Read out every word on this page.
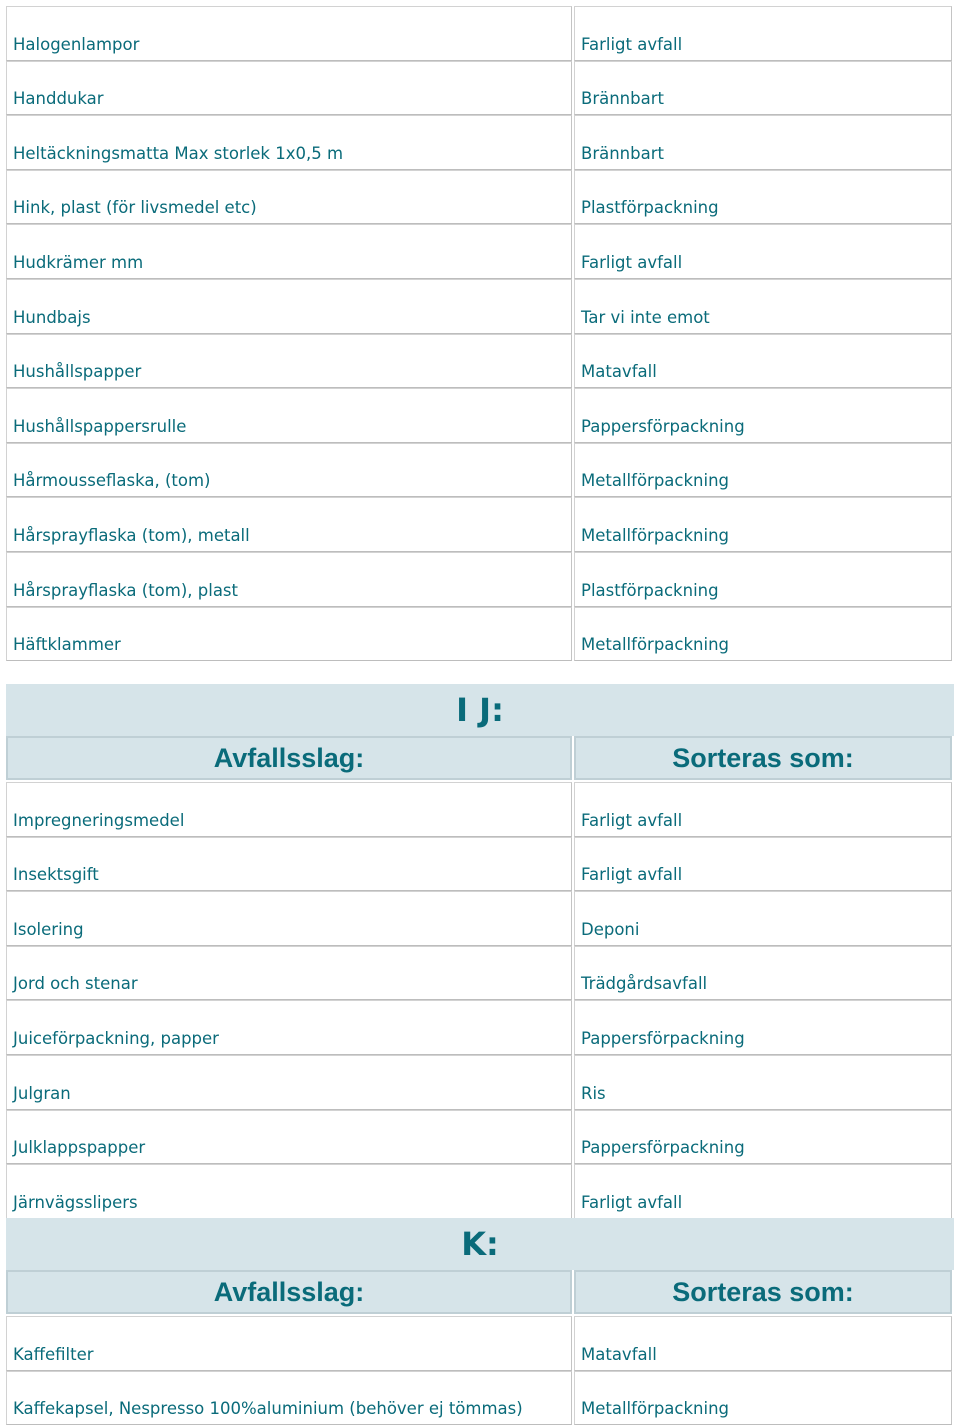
Halogenlampor	Farligt avfall
Handdukar	Brännbart
Heltäckningsmatta Max storlek 1x0,5 m	Brännbart
Hink, plast (för livsmedel etc)	Plastförpackning
Hudkrämer mm	Farligt avfall
Hundbajs	Tar vi inte emot
Hushållspapper	Matavfall
Hushållspappersrulle	Pappersförpackning
Hårmousseflaska, (tom)	Metallförpackning
Hårsprayflaska (tom), metall	Metallförpackning
Hårsprayflaska (tom), plast	Plastförpackning
Häftklammer	Metallförpackning
I J:
Avfallsslag:	Sorteras som:
Impregneringsmedel	Farligt avfall
Insektsgift	Farligt avfall
Isolering	Deponi
Jord och stenar	Trädgårdsavfall
Juiceförpackning, papper	Pappersförpackning
Julgran	Ris
Julklappspapper	Pappersförpackning
Järnvägsslipers	Farligt avfall
K:
Avfallsslag:	Sorteras som:
Kaffefilter	Matavfall
Kaffekapsel, Nespresso 100%aluminium (behöver ej tömmas)	Metallförpackning
